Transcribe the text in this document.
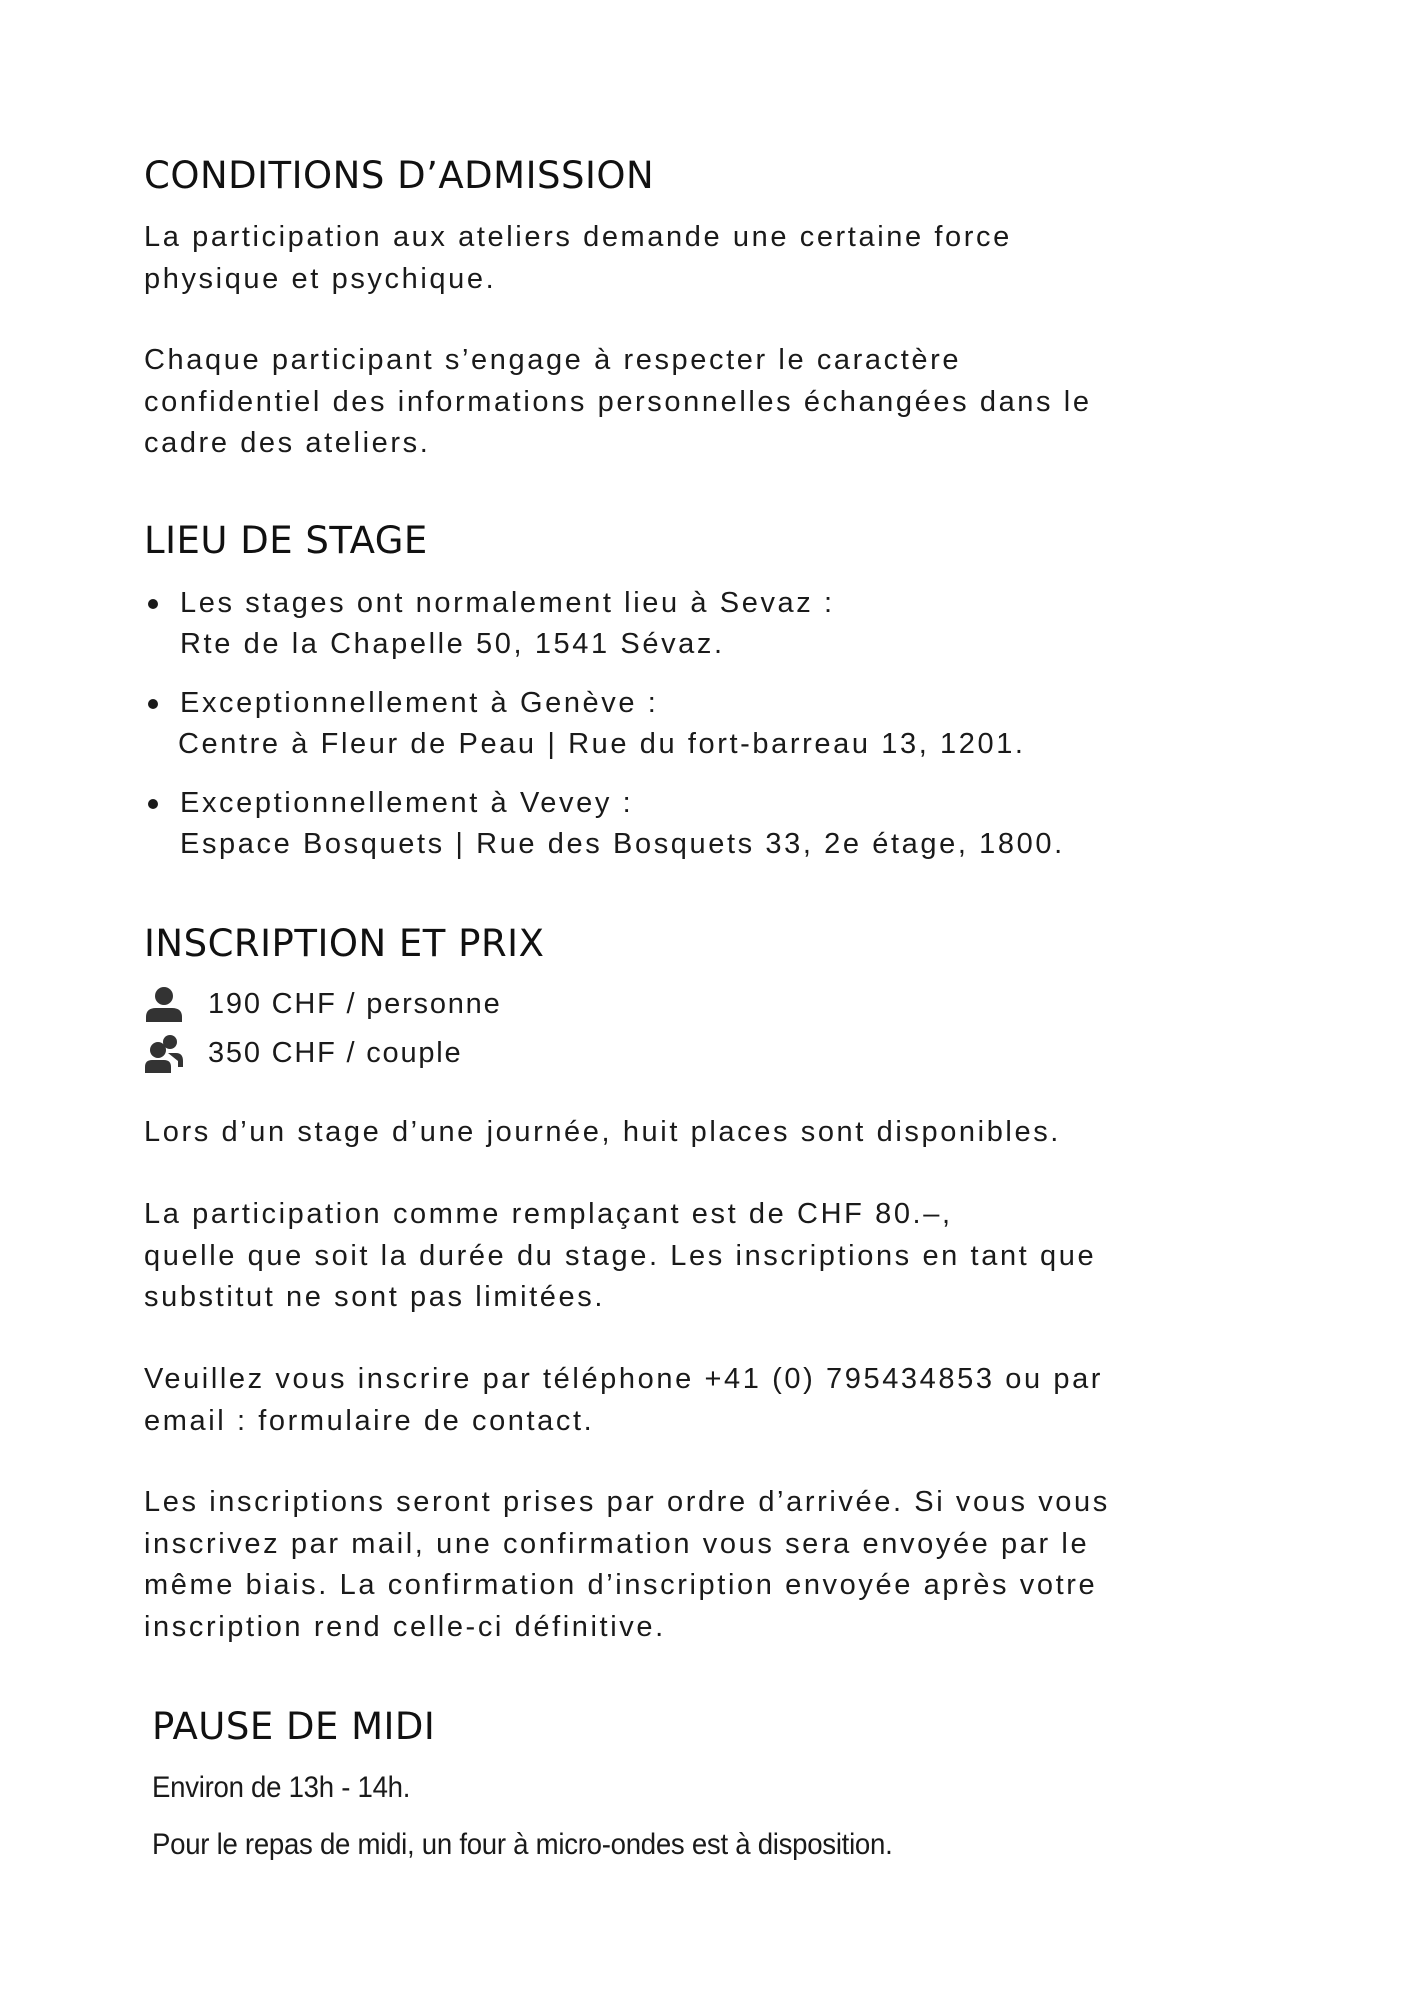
CONDITIONS D’ADMISSION
La participation aux ateliers demande une certaine force
physique et psychique.
Chaque participant s’engage à respecter le caractère
confidentiel des informations personnelles échangées dans le
cadre des ateliers.
LIEU DE STAGE
Les stages ont normalement lieu à Sevaz :
Rte de la Chapelle 50, 1541 Sévaz.
Exceptionnellement à Genève :
Centre à Fleur de Peau | Rue du fort-barreau 13, 1201.
Exceptionnellement à Vevey :
Espace Bosquets | Rue des Bosquets 33, 2e étage, 1800.
INSCRIPTION ET PRIX
190 CHF / personne
350 CHF / couple
Lors d’un stage d’une journée, huit places sont disponibles.
La participation comme remplaçant est de CHF 80.–,
quelle que soit la durée du stage. Les inscriptions en tant que
substitut ne sont pas limitées.
Veuillez vous inscrire par téléphone +41 (0) 795434853 ou par
email : formulaire de contact.
Les inscriptions seront prises par ordre d’arrivée. Si vous vous
inscrivez par mail, une confirmation vous sera envoyée par le
même biais. La confirmation d’inscription envoyée après votre
inscription rend celle-ci définitive.
PAUSE DE MIDI
Environ de 13h - 14h.
Pour le repas de midi, un four à micro-ondes est à disposition.
